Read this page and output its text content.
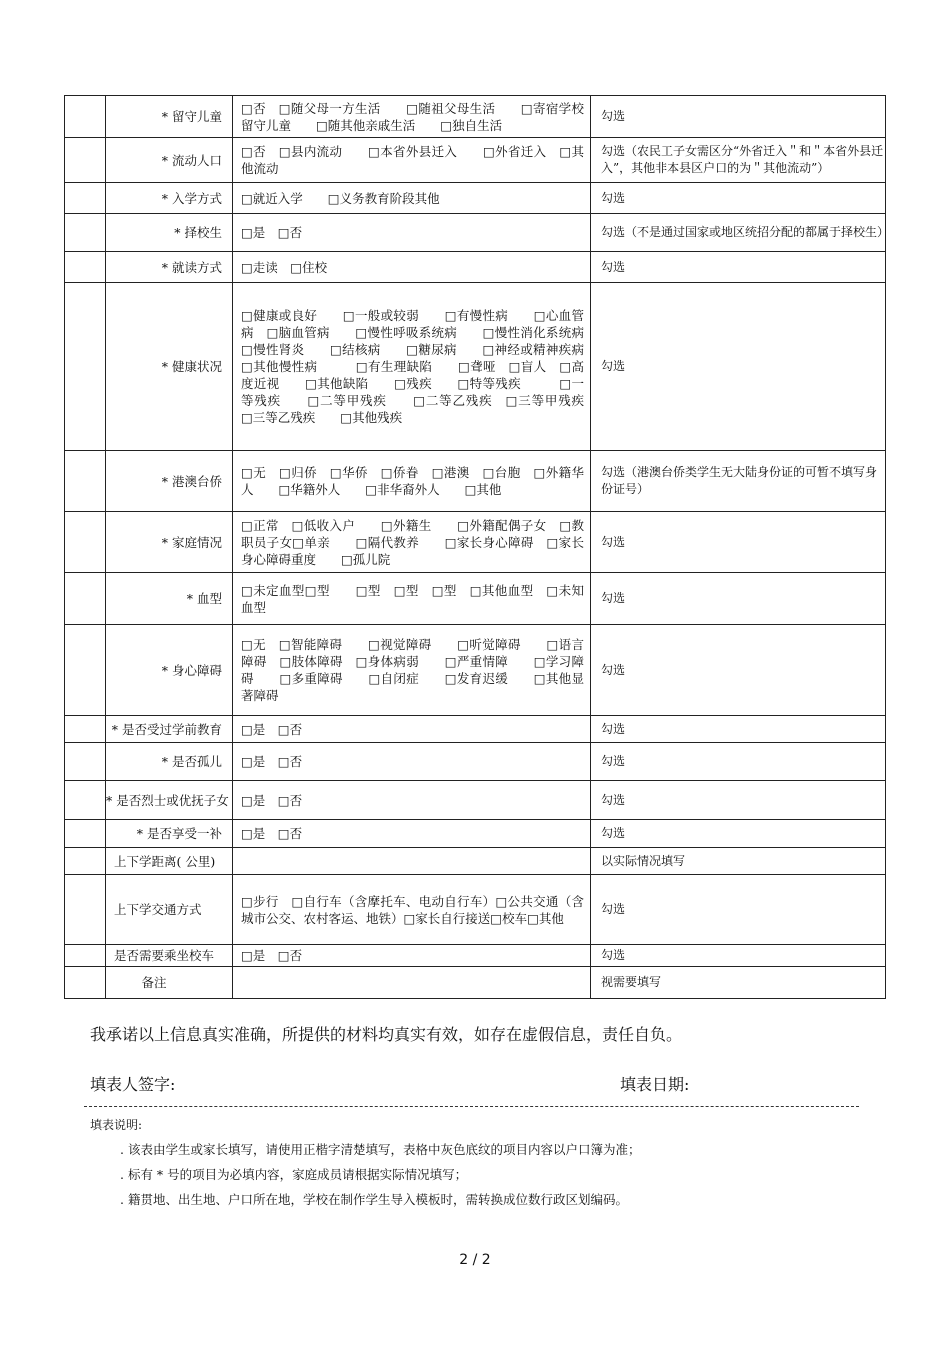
	* 留守儿童	□否　□随父母一方生活　　□随祖父母生活　　□寄宿学校留守儿童　　□随其他亲戚生活　　□独自生活	勾选
	* 流动人口	□否　□县内流动　　□本省外县迁入　　□外省迁入　□其他流动	勾选（农民工子女需区分“外省迁入＂和＂本省外县迁入”，其他非本县区户口的为＂其他流动”）
	* 入学方式	□就近入学　　□义务教育阶段其他	勾选
	* 择校生	□是　□否	勾选（不是通过国家或地区统招分配的都属于择校生）
	* 就读方式	□走读　□住校	勾选
	* 健康状况	□健康或良好　　□一般或较弱　　□有慢性病　　□心血管病　□脑血管病　　□慢性呼吸系统病　　□慢性消化系统病　　□慢性肾炎　　□结核病　　□糖尿病　　□神经或精神疾病　　□其他慢性病　　　□有生理缺陷　　□聋哑　□盲人　□高度近视　　□其他缺陷　　□残疾　　□特等残疾　　　□一等残疾　　□二等甲残疾　　□二等乙残疾　□三等甲残疾　　□三等乙残疾　　□其他残疾	勾选
	* 港澳台侨	□无　□归侨　□华侨　□侨眷　□港澳　□台胞　□外籍华人　　□华籍外人　　□非华裔外人　　□其他	勾选（港澳台侨类学生无大陆身份证的可暂不填写身份证号）
	* 家庭情况	□正常　□低收入户　　□外籍生　　□外籍配偶子女　□教职员子女□单亲　　□隔代教养　　□家长身心障碍　□家长身心障碍重度　　□孤儿院	勾选
	* 血型	□未定血型□型　　□型　□型　□型　□其他血型　□未知血型	勾选
	* 身心障碍	□无　□智能障碍　　□视觉障碍　　□听觉障碍　　□语言障碍　□肢体障碍　□身体病弱　　□严重情障　　□学习障碍　　□多重障碍　　□自闭症　　□发育迟缓　　□其他显著障碍	勾选
	* 是否受过学前教育	□是　□否	勾选
	* 是否孤儿	□是　□否	勾选
	* 是否烈士或优抚子女	□是　□否	勾选
	* 是否享受一补	□是　□否	勾选
	上下学距离( 公里)		以实际情况填写
	上下学交通方式	□步行　□自行车（含摩托车、电动自行车）□公共交通（含城市公交、农村客运、地铁）□家长自行接送□校车□其他	勾选
	是否需要乘坐校车	□是　□否	勾选
	备注		视需要填写
我承诺以上信息真实准确，所提供的材料均真实有效，如存在虚假信息，责任自负。
填表人签字:	填表日期:
填表说明:
. 该表由学生或家长填写，请使用正楷字清楚填写，表格中灰色底纹的项目内容以户口簿为准；
. 标有 * 号的项目为必填内容，家庭成员请根据实际情况填写；
. 籍贯地、出生地、户口所在地，学校在制作学生导入模板时，需转换成位数行政区划编码。
2 / 2
